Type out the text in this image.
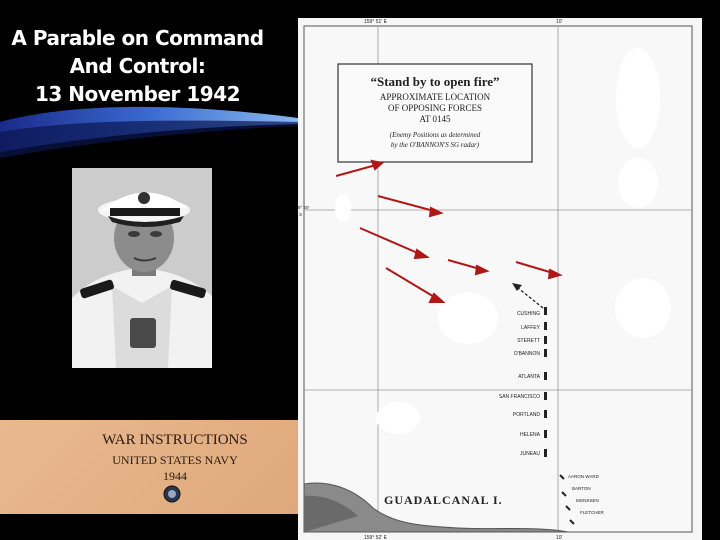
A Parable on Command
And Control:
13 November 1942
WAR INSTRUCTIONS
UNITED STATES NAVY
1944
159° 51' E	10'
159° 52' E	10'
9° 20'
S
“Stand by to open fire”
APPROXIMATE LOCATION
OF OPPOSING FORCES
AT 0145
(Enemy Positions as determined
by the O'BANNON'S SG radar)
CUSHING
LAFFEY
STERETT
O'BANNON
ATLANTA
SAN FRANCISCO
PORTLAND
HELENA
JUNEAU
AARON WARD
BARTON
MONSSEN
FLETCHER
GUADALCANAL I.
